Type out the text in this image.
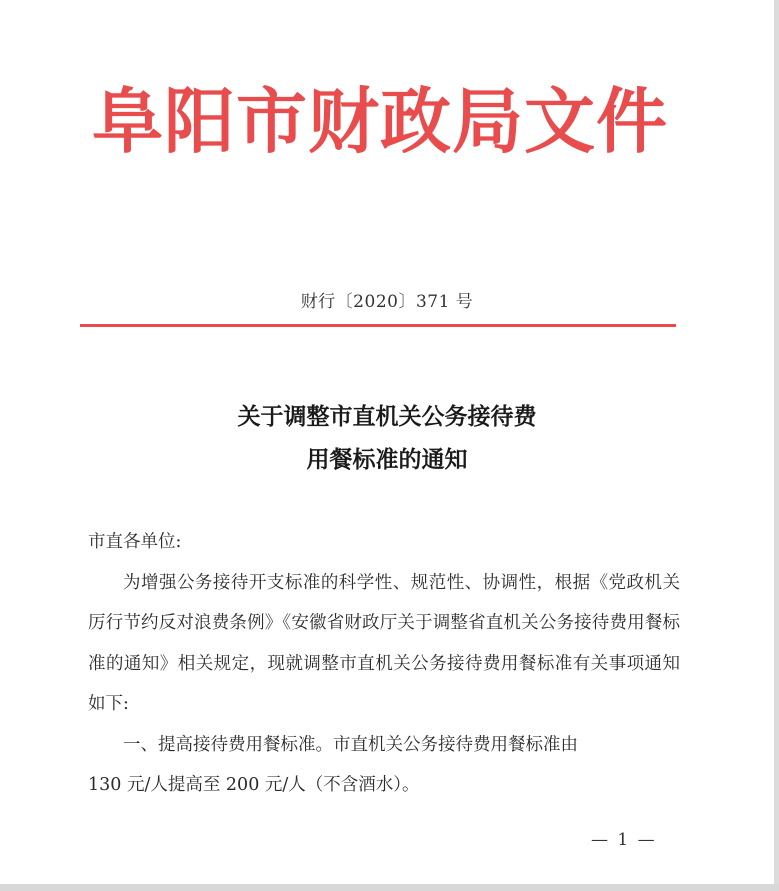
阜阳市财政局文件
财行〔2020〕371 号
关于调整市直机关公务接待费
用餐标准的通知

市直各单位:

为增强公务接待开支标准的科学性、规范性、协调性，根据《党政机关厉行节约反对浪费条例》《安徽省财政厅关于调整省直机关公务接待费用餐标准的通知》相关规定，现就调整市直机关公务接待费用餐标准有关事项通知如下:

一、提高接待费用餐标准。市直机关公务接待费用餐标准由

130 元/人提高至 200 元/人（不含酒水）。

— 1 —
